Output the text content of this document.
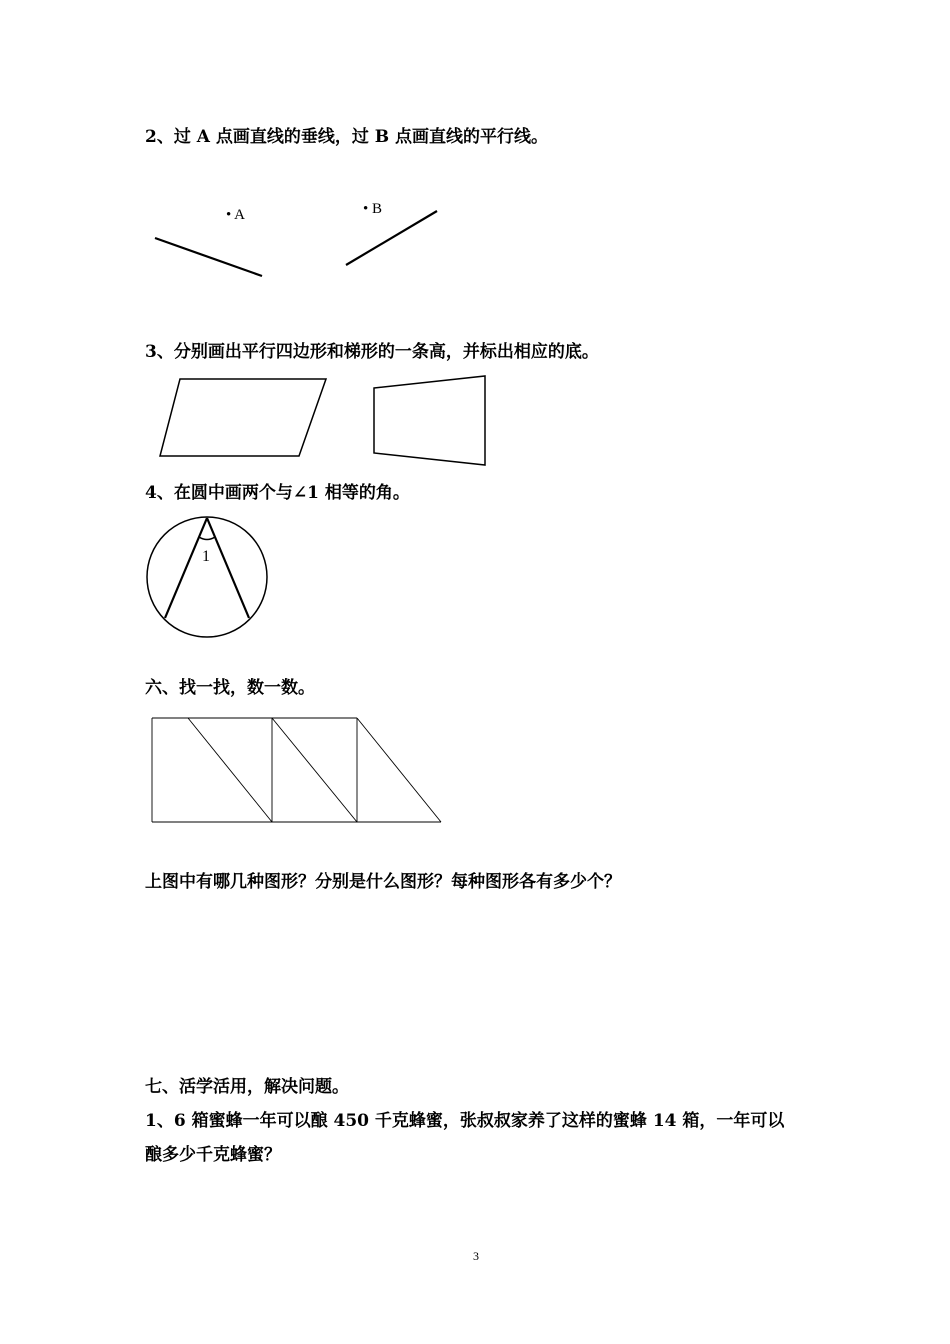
2、过 A 点画直线的垂线，过 B 点画直线的平行线。
• A	• B
3、分别画出平行四边形和梯形的一条高，并标出相应的底。
4、在圆中画两个与∠1 相等的角。
1
六、找一找，数一数。
上图中有哪几种图形？分别是什么图形？每种图形各有多少个？
七、活学活用，解决问题。
1、6 箱蜜蜂一年可以酿 450 千克蜂蜜，张叔叔家养了这样的蜜蜂 14 箱，一年可以
酿多少千克蜂蜜？
3
